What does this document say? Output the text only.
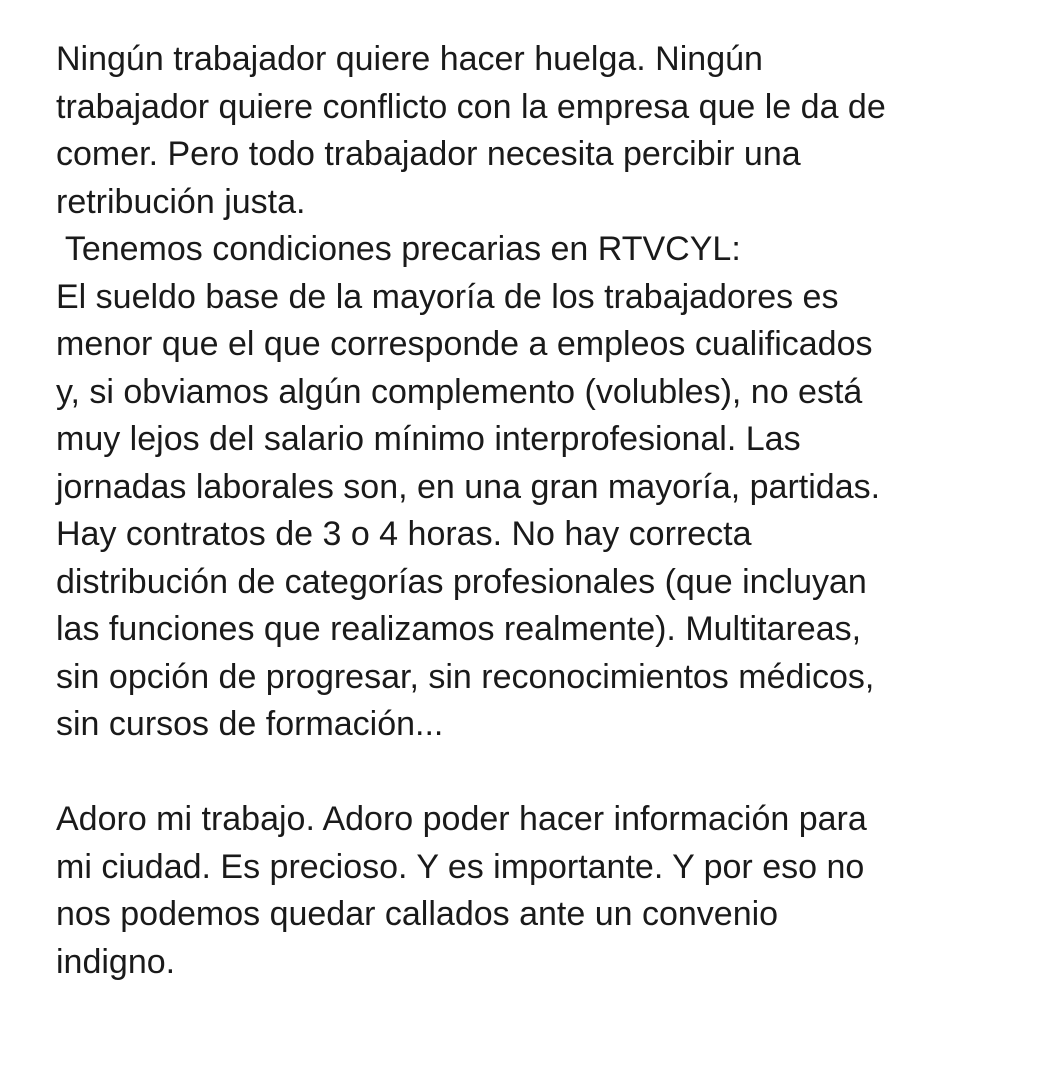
Ningún trabajador quiere hacer huelga. Ningún
trabajador quiere conflicto con la empresa que le da de
comer. Pero todo trabajador necesita percibir una
retribución justa.
Tenemos condiciones precarias en RTVCYL:
El sueldo base de la mayoría de los trabajadores es
menor que el que corresponde a empleos cualificados
y, si obviamos algún complemento (volubles), no está
muy lejos del salario mínimo interprofesional. Las
jornadas laborales son, en una gran mayoría, partidas.
Hay contratos de 3 o 4 horas. No hay correcta
distribución de categorías profesionales (que incluyan
las funciones que realizamos realmente). Multitareas,
sin opción de progresar, sin reconocimientos médicos,
sin cursos de formación...
Adoro mi trabajo. Adoro poder hacer información para
mi ciudad. Es precioso. Y es importante. Y por eso no
nos podemos quedar callados ante un convenio
indigno.
